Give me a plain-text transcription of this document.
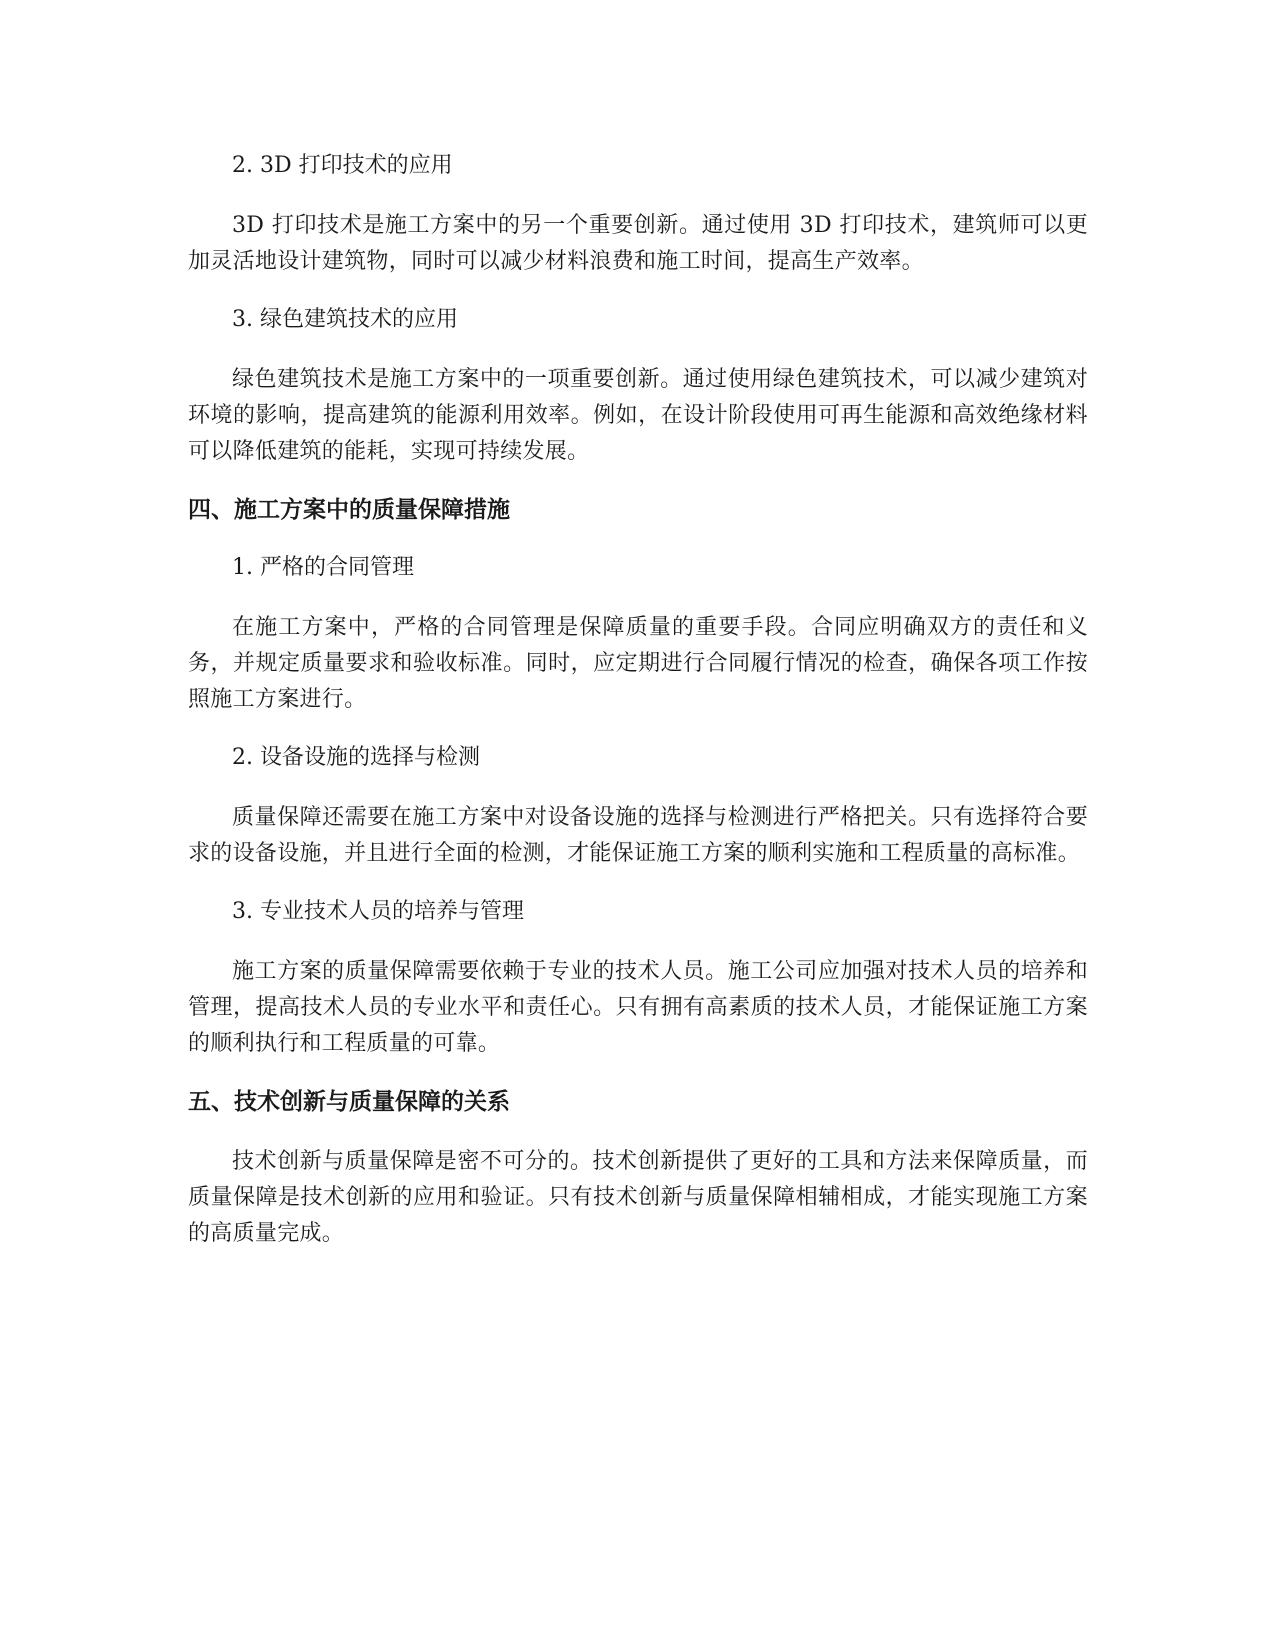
2. 3D 打印技术的应用

3D 打印技术是施工方案中的另一个重要创新。通过使用 3D 打印技术，建筑师可以更加灵活地设计建筑物，同时可以减少材料浪费和施工时间，提高生产效率。

3. 绿色建筑技术的应用

绿色建筑技术是施工方案中的一项重要创新。通过使用绿色建筑技术，可以减少建筑对环境的影响，提高建筑的能源利用效率。例如，在设计阶段使用可再生能源和高效绝缘材料可以降低建筑的能耗，实现可持续发展。

四、施工方案中的质量保障措施

1. 严格的合同管理

在施工方案中，严格的合同管理是保障质量的重要手段。合同应明确双方的责任和义务，并规定质量要求和验收标准。同时，应定期进行合同履行情况的检查，确保各项工作按照施工方案进行。

2. 设备设施的选择与检测

质量保障还需要在施工方案中对设备设施的选择与检测进行严格把关。只有选择符合要求的设备设施，并且进行全面的检测，才能保证施工方案的顺利实施和工程质量的高标准。

3. 专业技术人员的培养与管理

施工方案的质量保障需要依赖于专业的技术人员。施工公司应加强对技术人员的培养和管理，提高技术人员的专业水平和责任心。只有拥有高素质的技术人员，才能保证施工方案的顺利执行和工程质量的可靠。

五、技术创新与质量保障的关系

技术创新与质量保障是密不可分的。技术创新提供了更好的工具和方法来保障质量，而质量保障是技术创新的应用和验证。只有技术创新与质量保障相辅相成，才能实现施工方案的高质量完成。
